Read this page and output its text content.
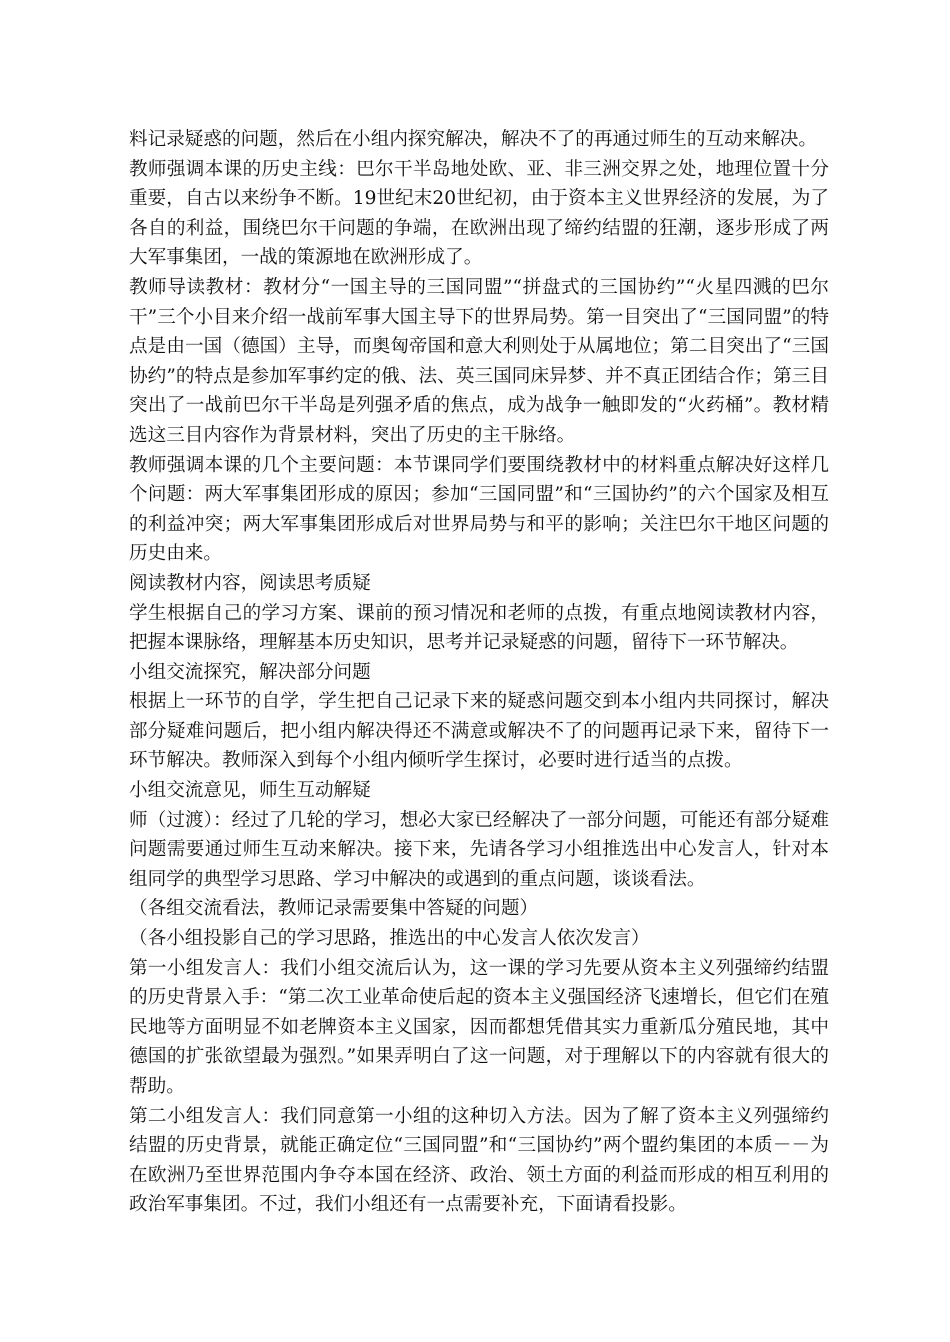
料记录疑惑的问题，然后在小组内探究解决，解决不了的再通过师生的互动来解决。

教师强调本课的历史主线：巴尔干半岛地处欧、亚、非三洲交界之处，地理位置十分重要，自古以来纷争不断。19世纪末20世纪初，由于资本主义世界经济的发展，为了各自的利益，围绕巴尔干问题的争端，在欧洲出现了缔约结盟的狂潮，逐步形成了两大军事集团，一战的策源地在欧洲形成了。

教师导读教材：教材分“一国主导的三国同盟”“拼盘式的三国协约”“火星四溅的巴尔干”三个小目来介绍一战前军事大国主导下的世界局势。第一目突出了“三国同盟”的特点是由一国（德国）主导，而奥匈帝国和意大利则处于从属地位；第二目突出了“三国协约”的特点是参加军事约定的俄、法、英三国同床异梦、并不真正团结合作；第三目突出了一战前巴尔干半岛是列强矛盾的焦点，成为战争一触即发的“火药桶”。教材精选这三目内容作为背景材料，突出了历史的主干脉络。

教师强调本课的几个主要问题：本节课同学们要围绕教材中的材料重点解决好这样几个问题：两大军事集团形成的原因；参加“三国同盟”和“三国协约”的六个国家及相互的利益冲突；两大军事集团形成后对世界局势与和平的影响；关注巴尔干地区问题的历史由来。

阅读教材内容，阅读思考质疑

学生根据自己的学习方案、课前的预习情况和老师的点拨，有重点地阅读教材内容，把握本课脉络，理解基本历史知识，思考并记录疑惑的问题，留待下一环节解决。

小组交流探究，解决部分问题

根据上一环节的自学，学生把自己记录下来的疑惑问题交到本小组内共同探讨，解决部分疑难问题后，把小组内解决得还不满意或解决不了的问题再记录下来，留待下一环节解决。教师深入到每个小组内倾听学生探讨，必要时进行适当的点拨。

小组交流意见，师生互动解疑

师（过渡）：经过了几轮的学习，想必大家已经解决了一部分问题，可能还有部分疑难问题需要通过师生互动来解决。接下来，先请各学习小组推选出中心发言人，针对本组同学的典型学习思路、学习中解决的或遇到的重点问题，谈谈看法。

（各组交流看法，教师记录需要集中答疑的问题）

（各小组投影自己的学习思路，推选出的中心发言人依次发言）

第一小组发言人：我们小组交流后认为，这一课的学习先要从资本主义列强缔约结盟的历史背景入手：“第二次工业革命使后起的资本主义强国经济飞速增长，但它们在殖民地等方面明显不如老牌资本主义国家，因而都想凭借其实力重新瓜分殖民地，其中德国的扩张欲望最为强烈。”如果弄明白了这一问题，对于理解以下的内容就有很大的帮助。

第二小组发言人：我们同意第一小组的这种切入方法。因为了解了资本主义列强缔约结盟的历史背景，就能正确定位“三国同盟”和“三国协约”两个盟约集团的本质－－为在欧洲乃至世界范围内争夺本国在经济、政治、领土方面的利益而形成的相互利用的政治军事集团。不过，我们小组还有一点需要补充，下面请看投影。
